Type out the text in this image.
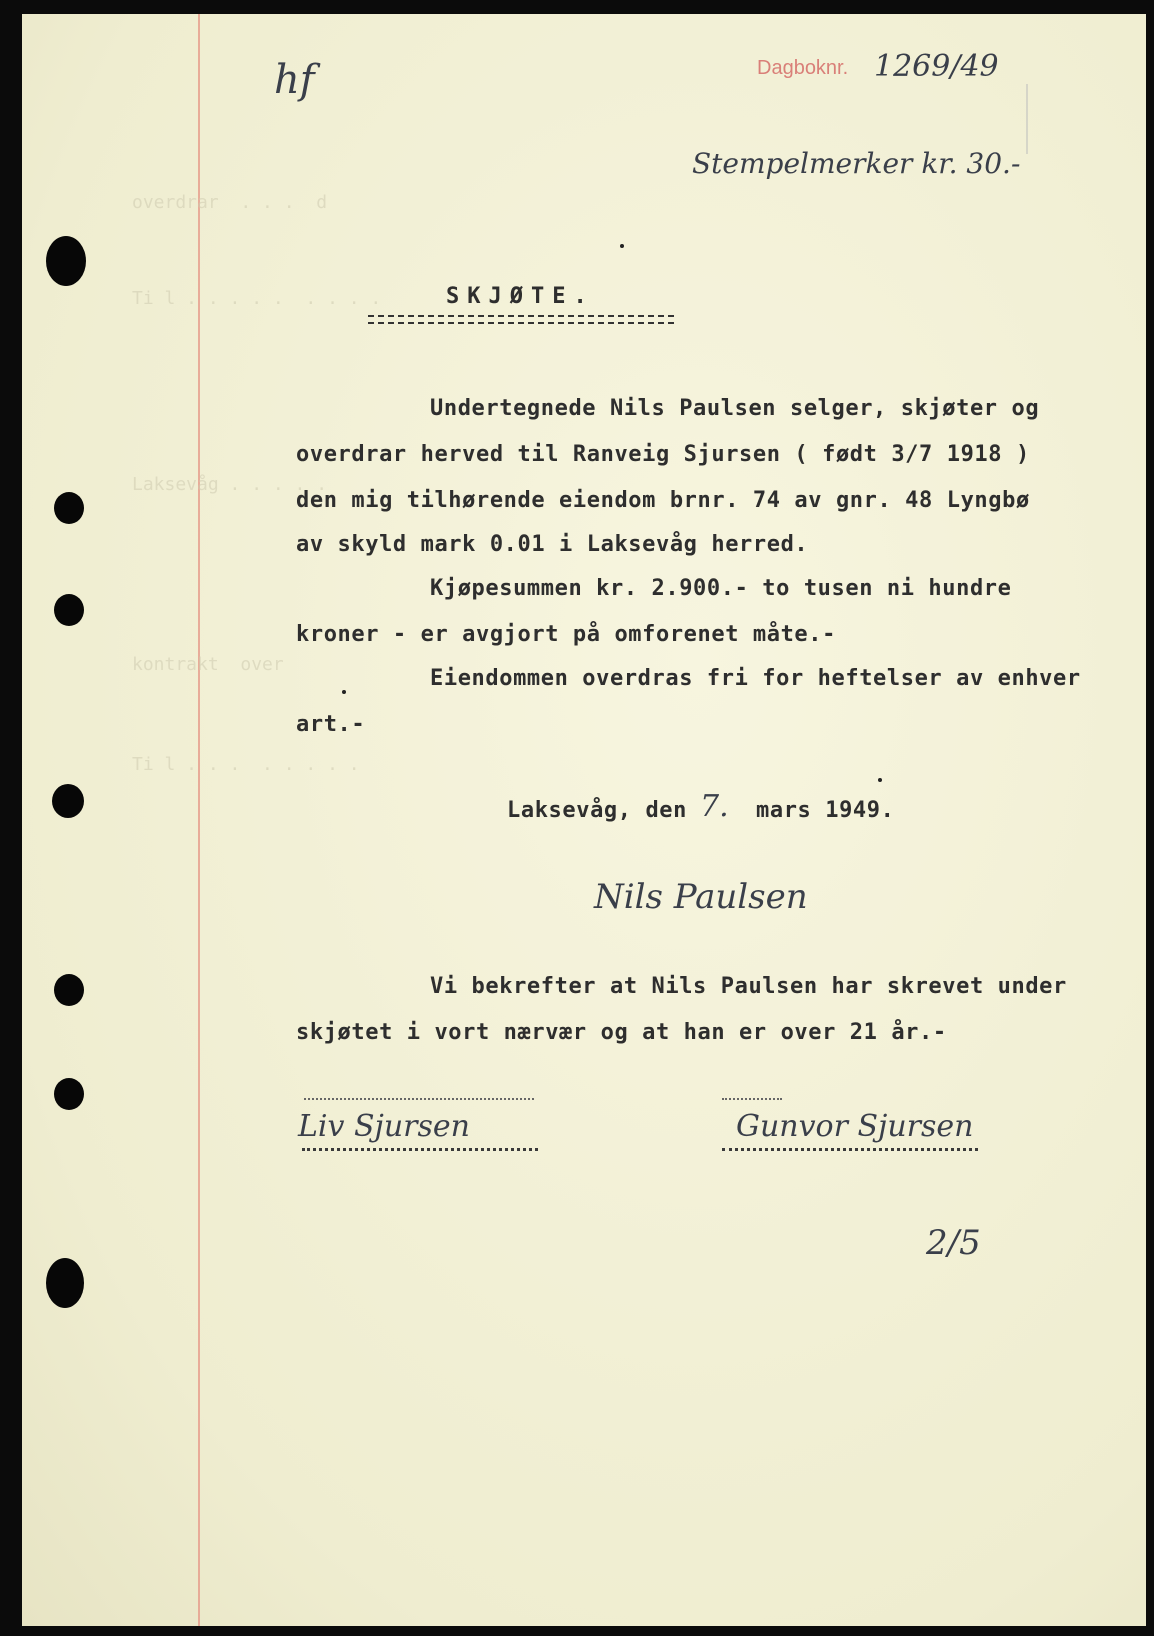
overdrar  . . .  d
Ti l . . . . .  . . . .
Laksevåg . . . . .
kontrakt  over
Ti l . . .  . . . . .
hf	Dagboknr. 1269/49
Stempelmerker kr. 30.-

SKJØTE.

Undertegnede Nils Paulsen selger, skjøter og

overdrar herved til Ranveig Sjursen ( født 3/7 1918 )

den mig tilhørende eiendom brnr. 74 av gnr. 48 Lyngbø

av skyld mark 0.01 i Laksevåg herred.

Kjøpesummen kr. 2.900.- to tusen ni hundre

kroner - er avgjort på omforenet måte.-

Eiendommen overdras fri for heftelser av enhver

art.-

Laksevåg, den 7. mars 1949.

Nils Paulsen

Vi bekrefter at Nils Paulsen har skrevet under

skjøtet i vort nærvær og at han er over 21 år.-

Liv Sjursen	Gunvor Sjursen
2/5
